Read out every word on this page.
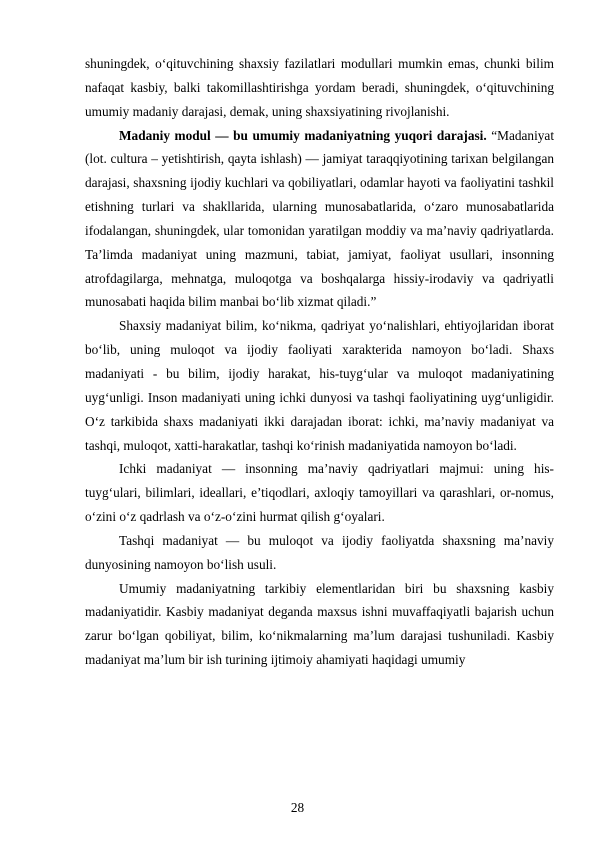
shuningdek, o‘qituvchining shaxsiy fazilatlari modullari mumkin emas, chunki bilim nafaqat kasbiy, balki takomillashtirishga yordam beradi, shuningdek, o‘qituvchining umumiy madaniy darajasi, demak, uning shaxsiyatining rivojlanishi.

Madaniy modul — bu umumiy madaniyatning yuqori darajasi. “Madaniyat (lot. cultura – yetishtirish, qayta ishlash) — jamiyat taraqqiyotining tarixan belgilangan darajasi, shaxsning ijodiy kuchlari va qobiliyatlari, odamlar hayoti va faoliyatini tashkil etishning turlari va shakllarida, ularning munosabatlarida, o‘zaro munosabatlarida ifodalangan, shuningdek, ular tomonidan yaratilgan moddiy va ma’naviy qadriyatlarda. Ta’limda madaniyat uning mazmuni, tabiat, jamiyat, faoliyat usullari, insonning atrofdagilarga, mehnatga, muloqotga va boshqalarga hissiy-irodaviy va qadriyatli munosabati haqida bilim manbai bo‘lib xizmat qiladi.”

Shaxsiy madaniyat bilim, ko‘nikma, qadriyat yo‘nalishlari, ehtiyojlaridan iborat bo‘lib, uning muloqot va ijodiy faoliyati xarakterida namoyon bo‘ladi. Shaxs madaniyati - bu bilim, ijodiy harakat, his-tuyg‘ular va muloqot madaniyatining uyg‘unligi. Inson madaniyati uning ichki dunyosi va tashqi faoliyatining uyg‘unligidir. O‘z tarkibida shaxs madaniyati ikki darajadan iborat: ichki, ma’naviy madaniyat va tashqi, muloqot, xatti-harakatlar, tashqi ko‘rinish madaniyatida namoyon bo‘ladi.

Ichki madaniyat — insonning ma’naviy qadriyatlari majmui: uning his-tuyg‘ulari, bilimlari, ideallari, e’tiqodlari, axloqiy tamoyillari va qarashlari, or-nomus, o‘zini o‘z qadrlash va o‘z-o‘zini hurmat qilish g‘oyalari.

Tashqi madaniyat — bu muloqot va ijodiy faoliyatda shaxsning ma’naviy dunyosining namoyon bo‘lish usuli.

Umumiy madaniyatning tarkibiy elementlaridan biri bu shaxsning kasbiy madaniyatidir. Kasbiy madaniyat deganda maxsus ishni muvaffaqiyatli bajarish uchun zarur bo‘lgan qobiliyat, bilim, ko‘nikmalarning ma’lum darajasi tushuniladi. Kasbiy madaniyat ma’lum bir ish turining ijtimoiy ahamiyati haqidagi umumiy

28
